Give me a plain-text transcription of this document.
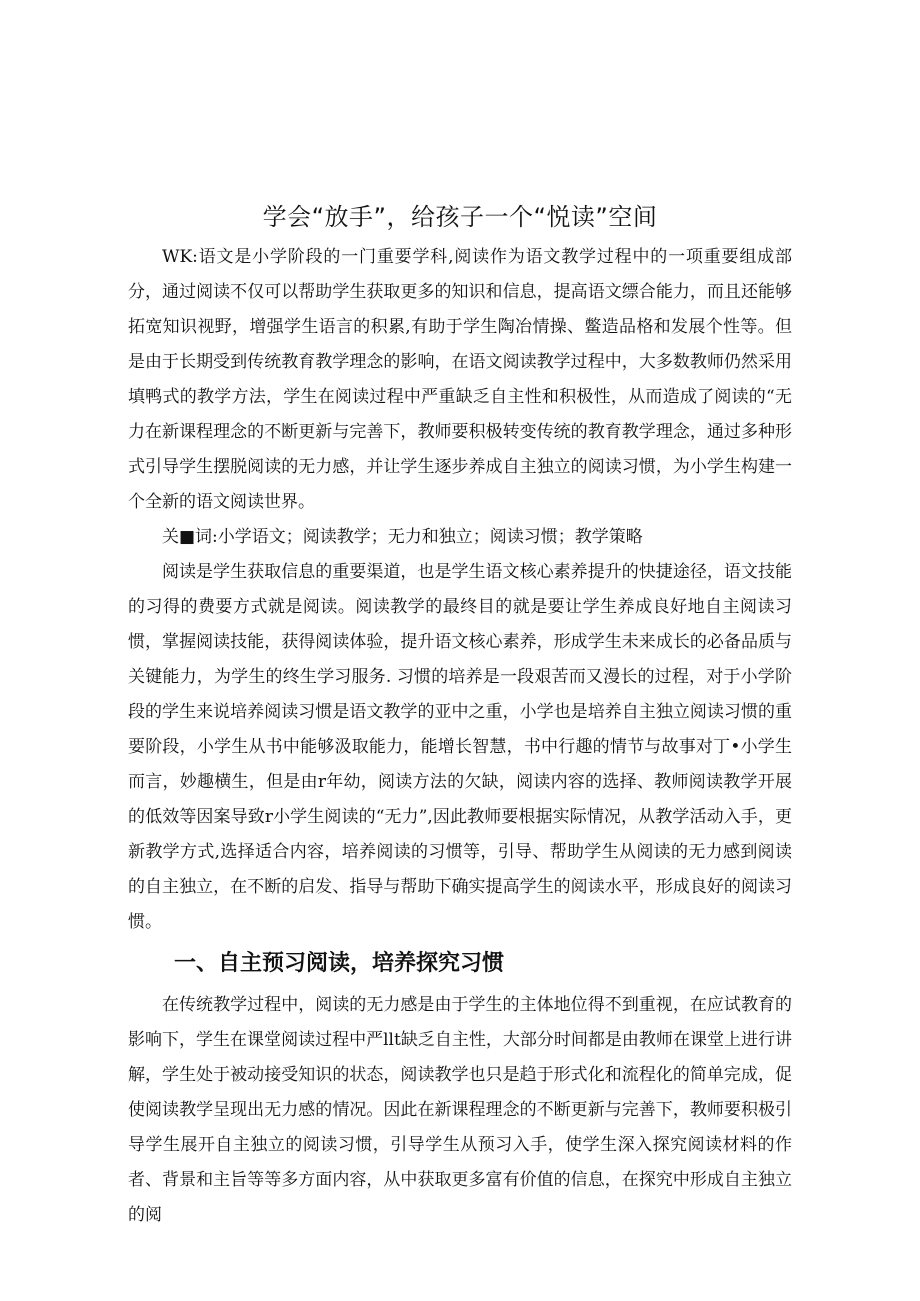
学会“放手”，给孩子一个“悦读”空间

WK:语文是小学阶段的一门重要学科,阅读作为语文教学过程中的一项重要组成部分，通过阅读不仅可以帮助学生获取更多的知识和信息，提高语文缥合能力，而且还能够拓宽知识视野，增强学生语言的积累,有助于学生陶冶情操、鳖造品格和发展个性等。但是由于长期受到传统教育教学理念的影响，在语文阅读教学过程中，大多数教师仍然采用填鸭式的教学方法，学生在阅读过程中严重缺乏自主性和积极性，从而造成了阅读的“无力在新课程理念的不断更新与完善下，教师要积极转变传统的教育教学理念，通过多种形式引导学生摆脱阅读的无力感，并让学生逐步养成自主独立的阅读习惯，为小学生构建一个全新的语文阅读世界。

关■词:小学语文；阅读教学；无力和独立；阅读习惯；教学策略

阅读是学生获取信息的重要渠道，也是学生语文核心素养提升的快捷途径，语文技能的习得的费要方式就是阅读。阅读教学的最终目的就是要让学生养成良好地自主阅读习惯，掌握阅读技能，获得阅读体验，提升语文核心素养，形成学生未来成长的必备品质与关键能力，为学生的终生学习服务. 习惯的培养是一段艰苦而又漫长的过程，对于小学阶段的学生来说培养阅读习惯是语文教学的亚中之重，小学也是培养自主独立阅读习惯的重要阶段，小学生从书中能够汲取能力，能增长智慧，书中行趣的情节与故事对丁•小学生而言，妙趣横生，但是由r年幼，阅读方法的欠缺，阅读内容的选择、教师阅读教学开展的低效等因案导致r小学生阅读的“无力”,因此教师要根据实际情况，从教学活动入手，更新教学方式,选择适合内容，培养阅读的习惯等，引导、帮助学生从阅读的无力感到阅读的自主独立，在不断的启发、指导与帮助下确实提高学生的阅读水平，形成良好的阅读习惯。

一、自主预习阅读，培养探究习惯

在传统教学过程中，阅读的无力感是由于学生的主体地位得不到重视，在应试教育的影响下，学生在课堂阅读过程中严llt缺乏自主性，大部分时间都是由教师在课堂上进行讲解，学生处于被动接受知识的状态，阅读教学也只是趋于形式化和流程化的简单完成，促使阅读教学呈现出无力感的情况。因此在新课程理念的不断更新与完善下，教师要积极引导学生展开自主独立的阅读习惯，引导学生从预习入手，使学生深入探究阅读材料的作者、背景和主旨等等多方面内容，从中获取更多富有价值的信息，在探究中形成自主独立的阅
